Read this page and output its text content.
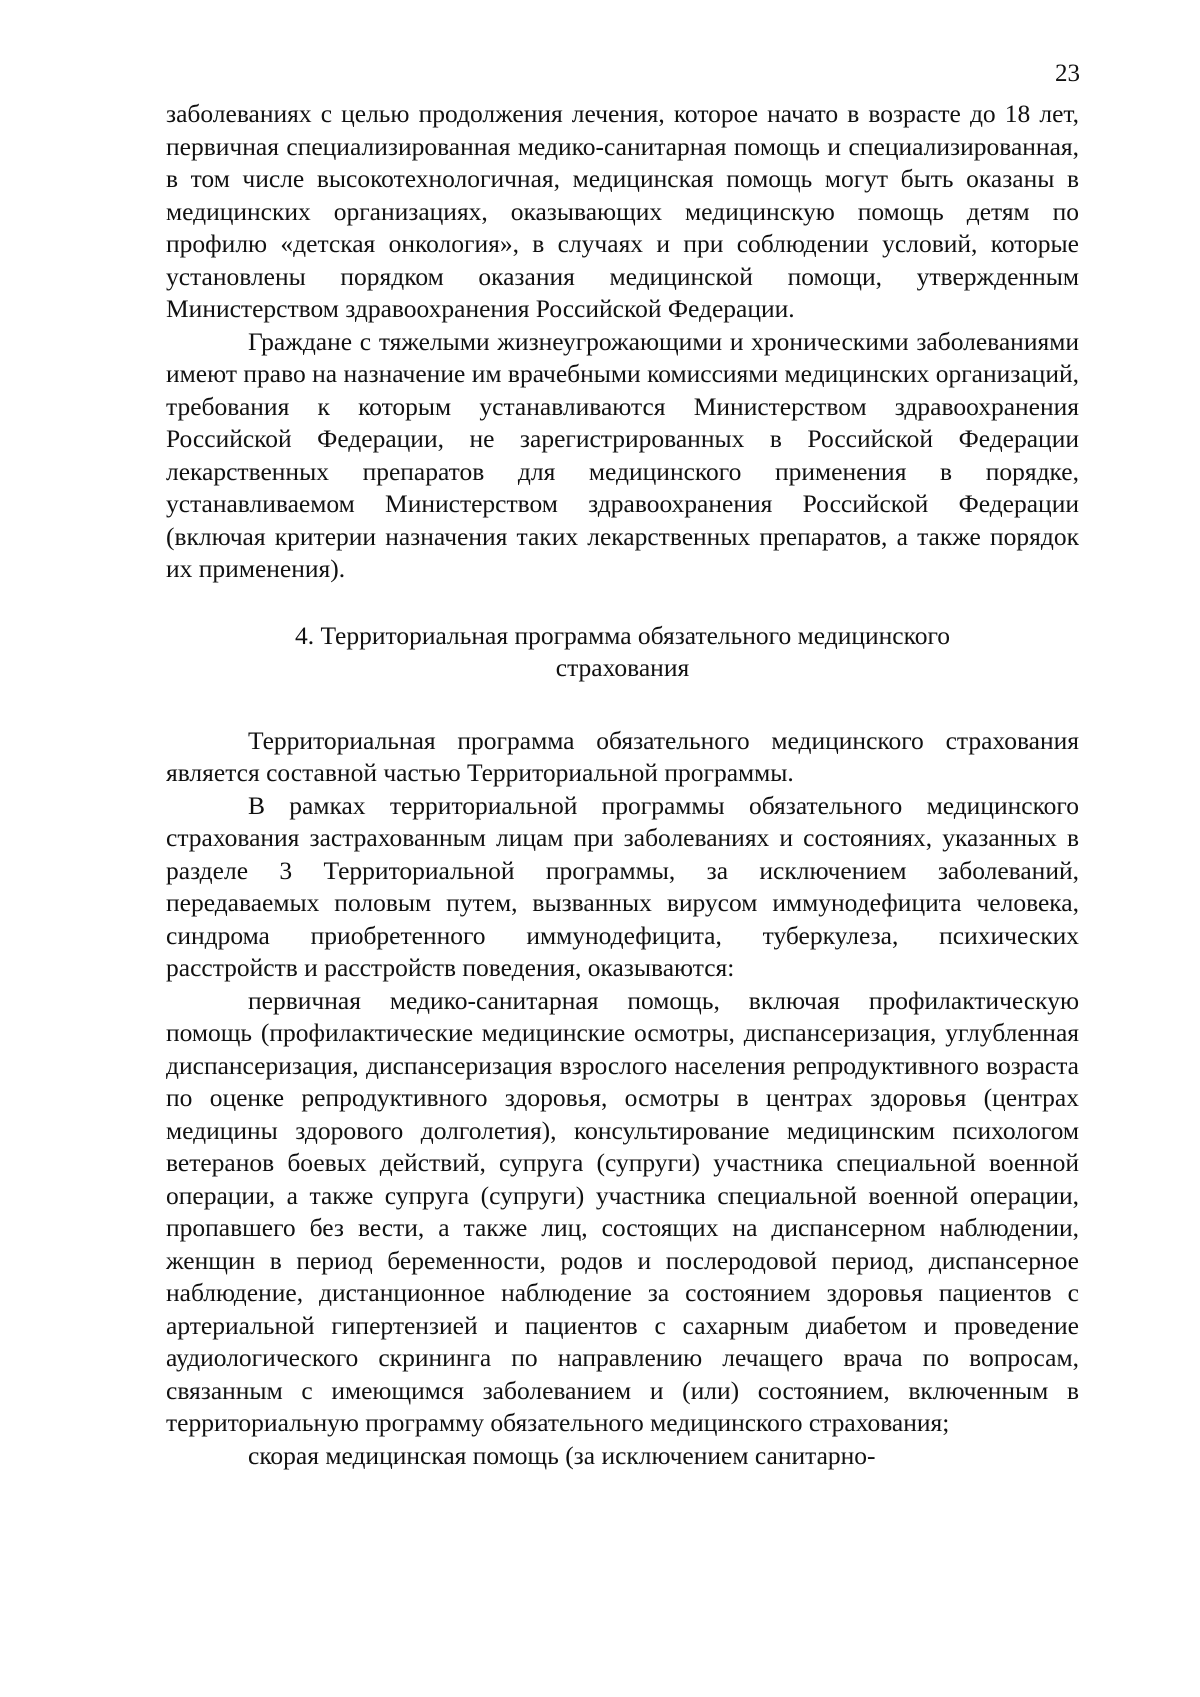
23

заболеваниях с целью продолжения лечения, которое начато в возрасте до 18 лет, первичная специализированная медико-санитарная помощь и специализированная, в том числе высокотехнологичная, медицинская помощь могут быть оказаны в медицинских организациях, оказывающих медицинскую помощь детям по профилю «детская онкология», в случаях и при соблюдении условий, которые установлены порядком оказания медицинской помощи, утвержденным Министерством здравоохранения Российской Федерации.

Граждане с тяжелыми жизнеугрожающими и хроническими заболеваниями имеют право на назначение им врачебными комиссиями медицинских организаций, требования к которым устанавливаются Министерством здравоохранения Российской Федерации, не зарегистрированных в Российской Федерации лекарственных препаратов для медицинского применения в порядке, устанавливаемом Министерством здравоохранения Российской Федерации (включая критерии назначения таких лекарственных препаратов, а также порядок их применения).

4. Территориальная программа обязательного медицинского
страхования

Территориальная программа обязательного медицинского страхования является составной частью Территориальной программы.

В рамках территориальной программы обязательного медицинского страхования застрахованным лицам при заболеваниях и состояниях, указанных в разделе 3 Территориальной программы, за исключением заболеваний, передаваемых половым путем, вызванных вирусом иммунодефицита человека, синдрома приобретенного иммунодефицита, туберкулеза, психических расстройств и расстройств поведения, оказываются:

первичная медико-санитарная помощь, включая профилактическую помощь (профилактические медицинские осмотры, диспансеризация, углубленная диспансеризация, диспансеризация взрослого населения репродуктивного возраста по оценке репродуктивного здоровья, осмотры в центрах здоровья (центрах медицины здорового долголетия), консультирование медицинским психологом ветеранов боевых действий, супруга (супруги) участника специальной военной операции, а также супруга (супруги) участника специальной военной операции, пропавшего без вести, а также лиц, состоящих на диспансерном наблюдении, женщин в период беременности, родов и послеродовой период, диспансерное наблюдение, дистанционное наблюдение за состоянием здоровья пациентов с артериальной гипертензией и пациентов с сахарным диабетом и проведение аудиологического скрининга по направлению лечащего врача по вопросам, связанным с имеющимся заболеванием и (или) состоянием, включенным в территориальную программу обязательного медицинского страхования;

скорая медицинская помощь (за исключением санитарно-
